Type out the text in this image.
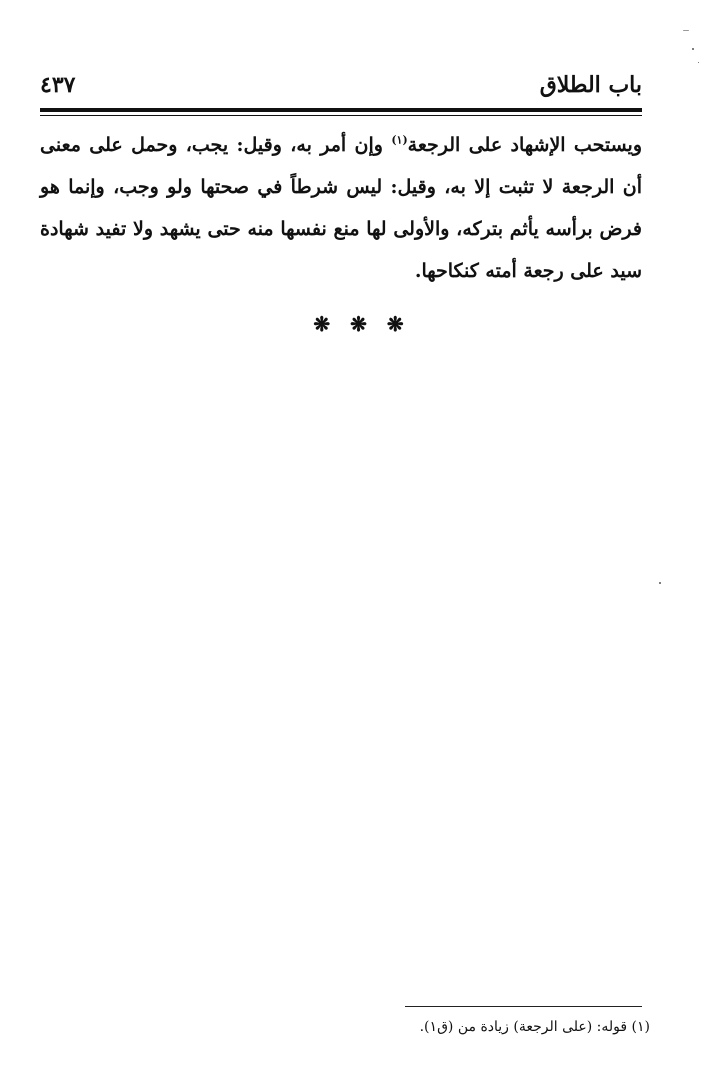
باب الطلاق
٤٣٧

ويستحب الإشهاد على الرجعة$^{(١)}$ وإن أمر به، وقيل: يجب، وحمل على معنى أن الرجعة لا تثبت إلا به، وقيل: ليس شرطاً في صحتها ولو وجب، وإنما هو فرض برأسه يأثم بتركه، والأولى لها منع نفسها منه حتى يشهد ولا تفيد شهادة سيد على رجعة أمته كنكاحها.

❋ ❋ ❋
(١) قوله: (على الرجعة) زيادة من (ق١).
